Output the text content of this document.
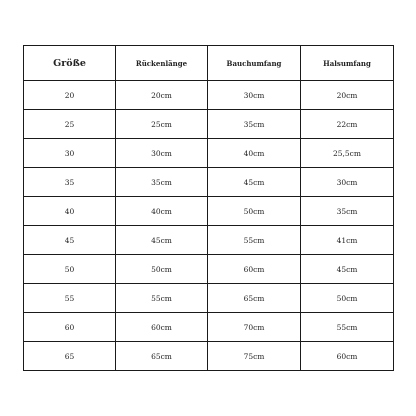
Größe	Rückenlänge	Bauchumfang	Halsumfang
20	20cm	30cm	20cm
25	25cm	35cm	22cm
30	30cm	40cm	25,5cm
35	35cm	45cm	30cm
40	40cm	50cm	35cm
45	45cm	55cm	41cm
50	50cm	60cm	45cm
55	55cm	65cm	50cm
60	60cm	70cm	55cm
65	65cm	75cm	60cm
